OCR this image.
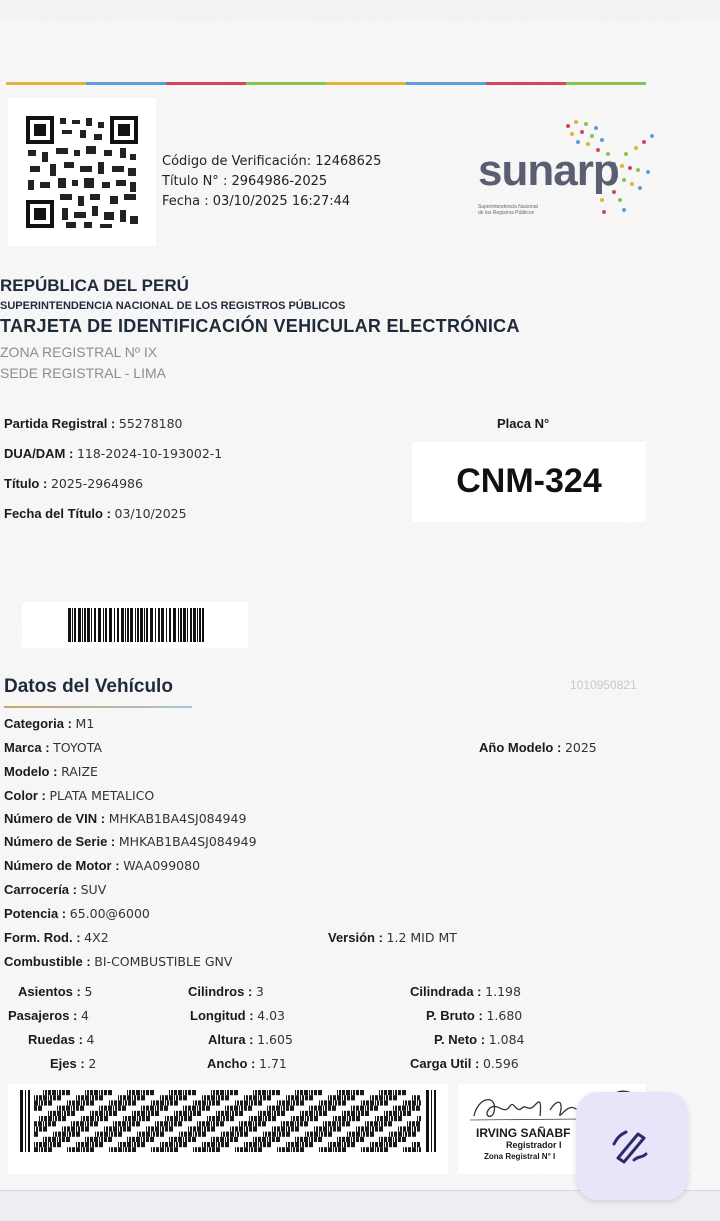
Código de Verificación: 12468625
Título N° : 2964986-2025
Fecha : 03/10/2025 16:27:44
sunarp
Superintendencia Nacional
de los Registros Públicos
REPÚBLICA DEL PERÚ
SUPERINTENDENCIA NACIONAL DE LOS REGISTROS PÚBLICOS
TARJETA DE IDENTIFICACIÓN VEHICULAR ELECTRÓNICA
ZONA REGISTRAL Nº IX
SEDE REGISTRAL - LIMA
Partida Registral : 55278180
DUA/DAM : 118-2024-10-193002-1
Título : 2025-2964986
Fecha del Título : 03/10/2025
Placa N°
CNM-324
Datos del Vehículo	1010950821
Categoria : M1
Marca : TOYOTA	Año Modelo : 2025
Modelo : RAIZE
Color : PLATA METALICO
Número de VIN : MHKAB1BA4SJ084949
Número de Serie : MHKAB1BA4SJ084949
Número de Motor : WAA099080
Carrocería : SUV
Potencia : 65.00@6000
Form. Rod. : 4X2	Versión : 1.2 MID MT
Combustible : BI-COMBUSTIBLE GNV
Asientos : 5	Cilindros : 3	Cilindrada : 1.198
Pasajeros : 4	Longitud : 4.03	P. Bruto : 1.680
Ruedas : 4	Altura : 1.605	P. Neto : 1.084
Ejes : 2	Ancho : 1.71	Carga Util : 0.596
IRVING SAÑABF
Registrador I
Zona Registral N° I
